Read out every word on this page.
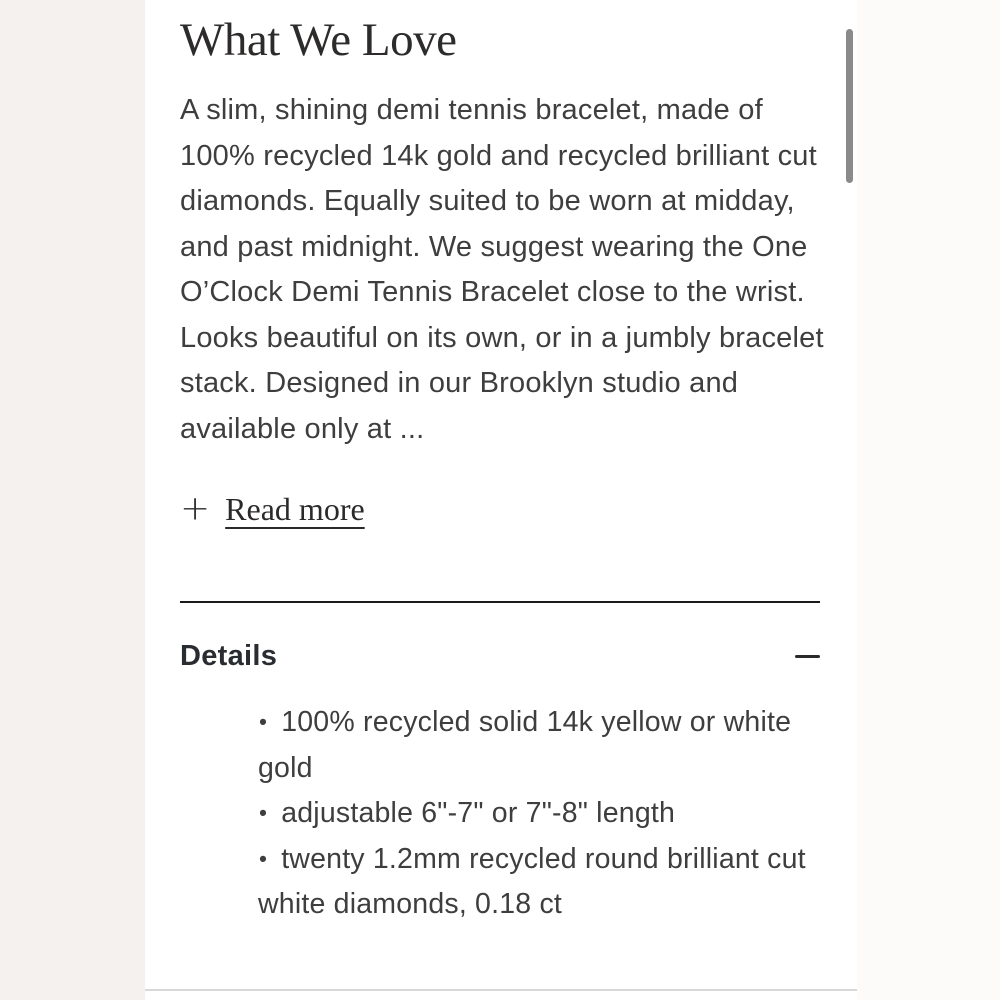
What We Love

A slim, shining demi tennis bracelet, made of 100% recycled 14k gold and recycled brilliant cut diamonds. Equally suited to be worn at midday, and past midnight. We suggest wearing the One O’Clock Demi Tennis Bracelet close to the wrist. Looks beautiful on its own, or in a jumbly bracelet stack. Designed in our Brooklyn studio and available only at ...

+ Read more
Details
• 100% recycled solid 14k yellow or white gold
• adjustable 6"-7" or 7"-8" length
• twenty 1.2mm recycled round brilliant cut white diamonds, 0.18 ct
